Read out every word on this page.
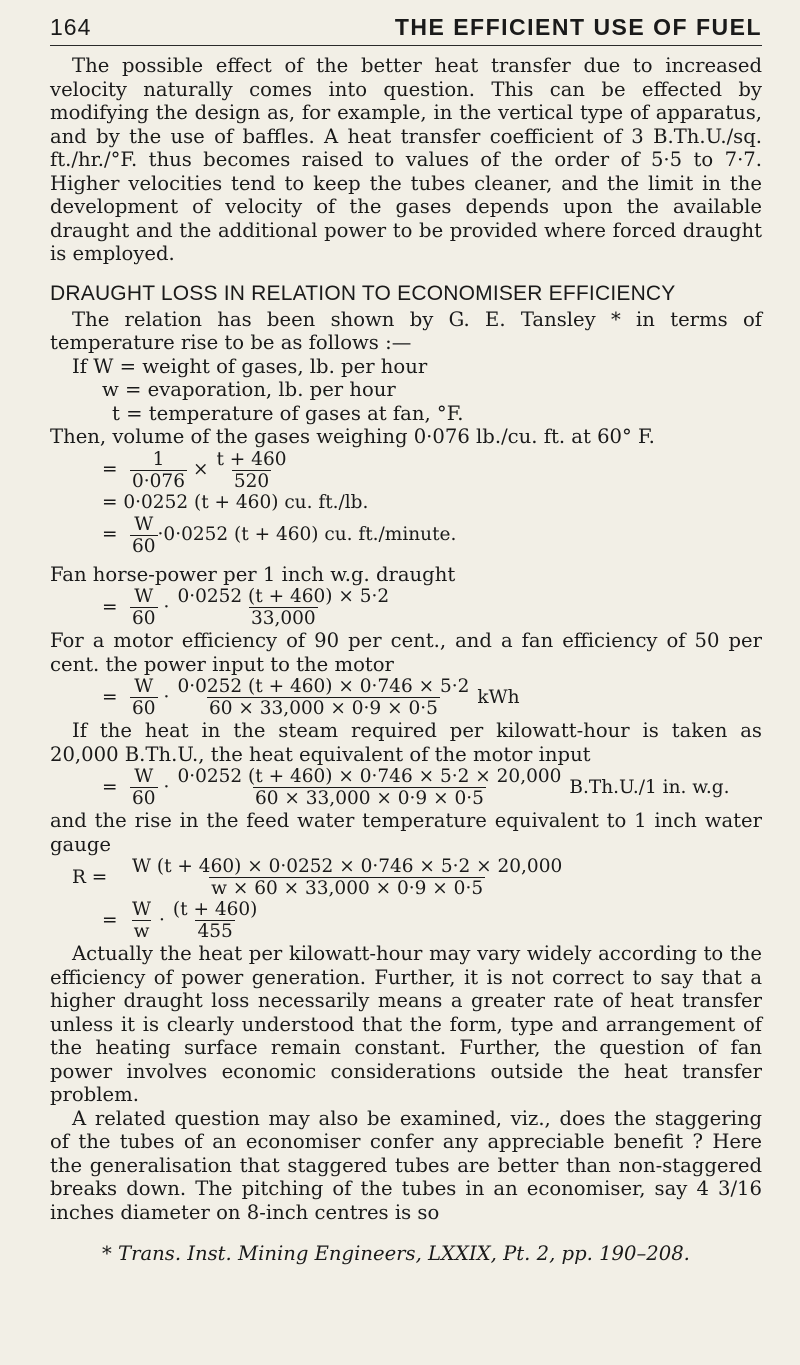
164	THE EFFICIENT USE OF FUEL

The possible effect of the better heat transfer due to increased velocity naturally comes into question. This can be effected by modifying the design as, for example, in the vertical type of apparatus, and by the use of baffles. A heat transfer coefficient of 3 B.Th.U./sq. ft./hr./°F. thus becomes raised to values of the order of 5·5 to 7·7. Higher velocities tend to keep the tubes cleaner, and the limit in the development of velocity of the gases depends upon the available draught and the additional power to be provided where forced draught is employed.

DRAUGHT LOSS IN RELATION TO ECONOMISER EFFICIENCY

The relation has been shown by G. E. Tansley * in terms of temperature rise to be as follows :—

If W = weight of gases, lb. per hour
w = evaporation, lb. per hour
t = temperature of gases at fan, °F.

Then, volume of the gases weighing 0·076 lb./cu. ft. at 60° F.

= $\frac{1}{0\cdot 076} \times \frac{t + 460}{520}$
= 0·0252 (t + 460) cu. ft./lb.
= $\frac{W}{60} \cdot 0\cdot 0252$ (t + 460) cu. ft./minute.

Fan horse-power per 1 inch w.g. draught

= $\frac{W}{60} \cdot \frac{0\cdot 0252 (t + 460) \times 5\cdot 2}{33,000}$

For a motor efficiency of 90 per cent., and a fan efficiency of 50 per cent. the power input to the motor

= $\frac{W}{60} \cdot \frac{0\cdot 0252 (t + 460) \times 0\cdot 746 \times 5\cdot 2}{60 \times 33,000 \times 0\cdot 9 \times 0\cdot 5}$ kWh

If the heat in the steam required per kilowatt-hour is taken as 20,000 B.Th.U., the heat equivalent of the motor input

= $\frac{W}{60} \cdot \frac{0\cdot 0252 (t + 460) \times 0\cdot 746 \times 5\cdot 2 \times 20,000}{60 \times 33,000 \times 0\cdot 9 \times 0\cdot 5} B.Th.U./1$ in. w.g.

and the rise in the feed water temperature equivalent to 1 inch water gauge

R =	$\frac{W (t + 460) \times 0\cdot 0252 \times 0\cdot 746 \times 5\cdot 2 \times 20,000}{w \times 60 \times 33,000 \times 0\cdot 9 \times 0\cdot 5}$
= $\frac{W}{w} \cdot \frac{(t + 460)}{455}$

Actually the heat per kilowatt-hour may vary widely according to the efficiency of power generation. Further, it is not correct to say that a higher draught loss necessarily means a greater rate of heat transfer unless it is clearly understood that the form, type and arrangement of the heating surface remain constant. Further, the question of fan power involves economic considerations outside the heat transfer problem.

A related question may also be examined, viz., does the staggering of the tubes of an economiser confer any appreciable benefit ? Here the generalisation that staggered tubes are better than non-staggered breaks down. The pitching of the tubes in an economiser, say 4 3/16 inches diameter on 8-inch centres is so

* Trans. Inst. Mining Engineers, LXXIX, Pt. 2, pp. 190–208.
